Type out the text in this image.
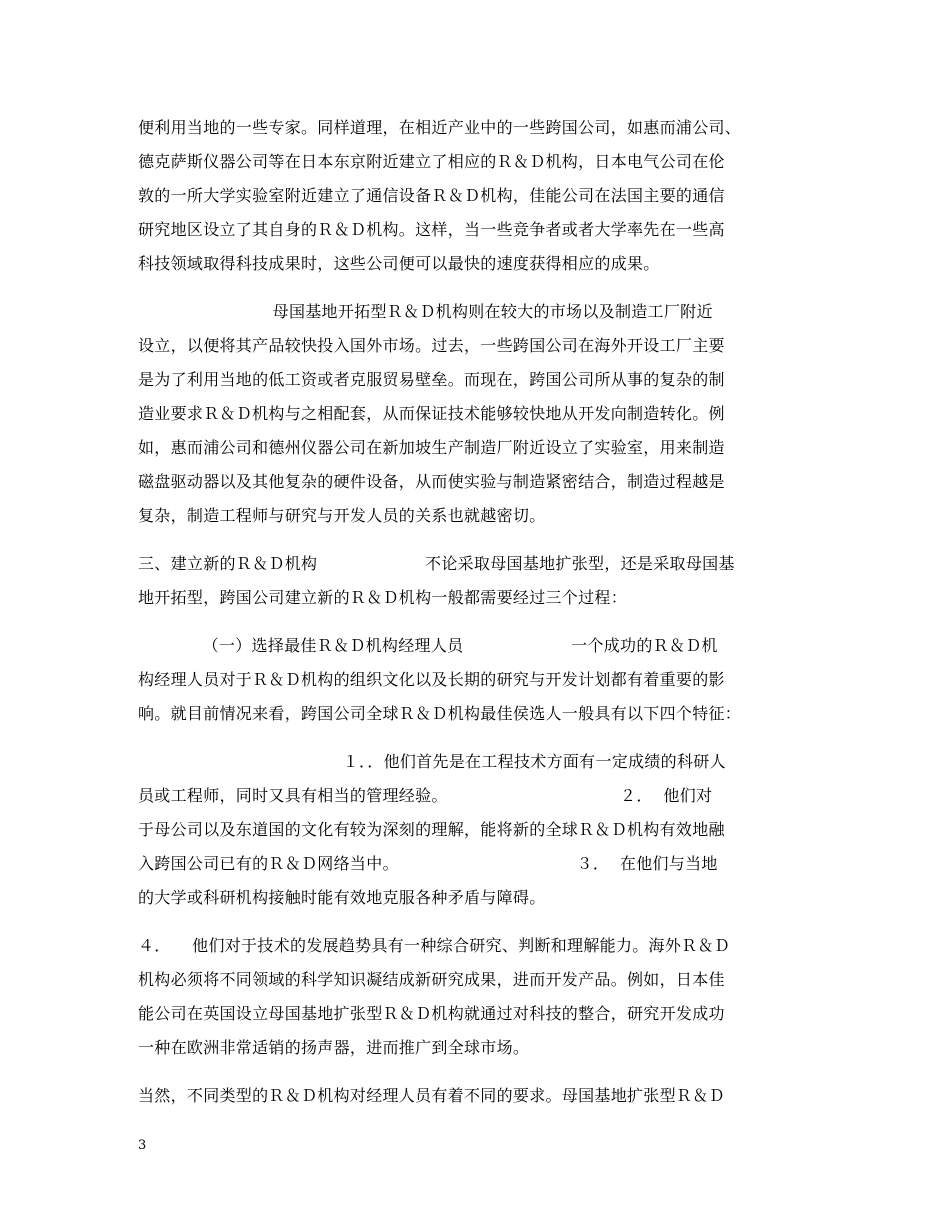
便利用当地的一些专家。同样道理，在相近产业中的一些跨国公司，如惠而浦公司、
德克萨斯仪器公司等在日本东京附近建立了相应的Ｒ＆Ｄ机构，日本电气公司在伦
敦的一所大学实验室附近建立了通信设备Ｒ＆Ｄ机构，佳能公司在法国主要的通信
研究地区设立了其自身的Ｒ＆Ｄ机构。这样，当一些竞争者或者大学率先在一些高
科技领域取得科技成果时，这些公司便可以最快的速度获得相应的成果。
母国基地开拓型Ｒ＆Ｄ机构则在较大的市场以及制造工厂附近
设立，以便将其产品较快投入国外市场。过去，一些跨国公司在海外开设工厂主要
是为了利用当地的低工资或者克服贸易壁垒。而现在，跨国公司所从事的复杂的制
造业要求Ｒ＆Ｄ机构与之相配套，从而保证技术能够较快地从开发向制造转化。例
如，惠而浦公司和德州仪器公司在新加坡生产制造厂附近设立了实验室，用来制造
磁盘驱动器以及其他复杂的硬件设备，从而使实验与制造紧密结合，制造过程越是
复杂，制造工程师与研究与开发人员的关系也就越密切。
三、建立新的Ｒ＆Ｄ机构                    不论采取母国基地扩张型，还是采取母国基
地开拓型，跨国公司建立新的Ｒ＆Ｄ机构一般都需要经过三个过程：
（一）选择最佳Ｒ＆Ｄ机构经理人员                    一个成功的Ｒ＆Ｄ机
构经理人员对于Ｒ＆Ｄ机构的组织文化以及长期的研究与开发计划都有着重要的影
响。就目前情况来看，跨国公司全球Ｒ＆Ｄ机构最佳侯选人一般具有以下四个特征：
１．．他们首先是在工程技术方面有一定成绩的科研人
员或工程师，同时又具有相当的管理经验。                                ２．  他们对
于母公司以及东道国的文化有较为深刻的理解，能将新的全球Ｒ＆Ｄ机构有效地融
入跨国公司已有的Ｒ＆Ｄ网络当中。                                 ３．  在他们与当地
的大学或科研机构接触时能有效地克服各种矛盾与障碍。
４．    他们对于技术的发展趋势具有一种综合研究、判断和理解能力。海外Ｒ＆Ｄ
机构必须将不同领域的科学知识凝结成新研究成果，进而开发产品。例如，日本佳
能公司在英国设立母国基地扩张型Ｒ＆Ｄ机构就通过对科技的整合，研究开发成功
一种在欧洲非常适销的扬声器，进而推广到全球市场。
当然，不同类型的Ｒ＆Ｄ机构对经理人员有着不同的要求。母国基地扩张型Ｒ＆Ｄ
3
